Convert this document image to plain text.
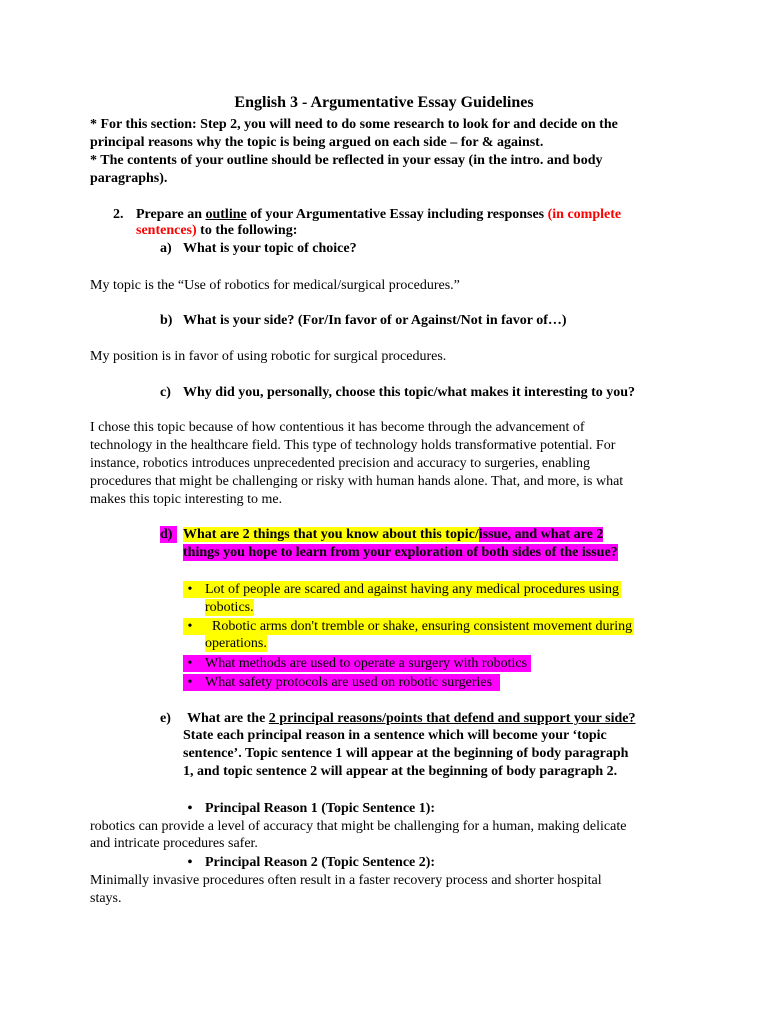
English 3 - Argumentative Essay Guidelines
* For this section: Step 2, you will need to do some research to look for and decide on the
principal reasons why the topic is being argued on each side – for & against.
* The contents of your outline should be reflected in your essay (in the intro. and body
paragraphs).
2. Prepare an outline of your Argumentative Essay including responses (in complete
sentences) to the following:
a) What is your topic of choice?
My topic is the “Use of robotics for medical/surgical procedures.”
b) What is your side? (For/In favor of or Against/Not in favor of…)
My position is in favor of using robotic for surgical procedures.
c) Why did you, personally, choose this topic/what makes it interesting to you?
I chose this topic because of how contentious it has become through the advancement of
technology in the healthcare field. This type of technology holds transformative potential. For
instance, robotics introduces unprecedented precision and accuracy to surgeries, enabling
procedures that might be challenging or risky with human hands alone. That, and more, is what
makes this topic interesting to me.
d) What are 2 things that you know about this topic/issue, and what are 2
things you hope to learn from your exploration of both sides of the issue?
• Lot of people are scared and against having any medical procedures using
robotics.
• Robotic arms don't tremble or shake, ensuring consistent movement during
operations.
• What methods are used to operate a surgery with robotics
• What safety protocols are used on robotic surgeries
e) What are the 2 principal reasons/points that defend and support your side?
State each principal reason in a sentence which will become your ‘topic
sentence’. Topic sentence 1 will appear at the beginning of body paragraph
1, and topic sentence 2 will appear at the beginning of body paragraph 2.
• Principal Reason 1 (Topic Sentence 1):
robotics can provide a level of accuracy that might be challenging for a human, making delicate
and intricate procedures safer.
• Principal Reason 2 (Topic Sentence 2):
Minimally invasive procedures often result in a faster recovery process and shorter hospital
stays.
